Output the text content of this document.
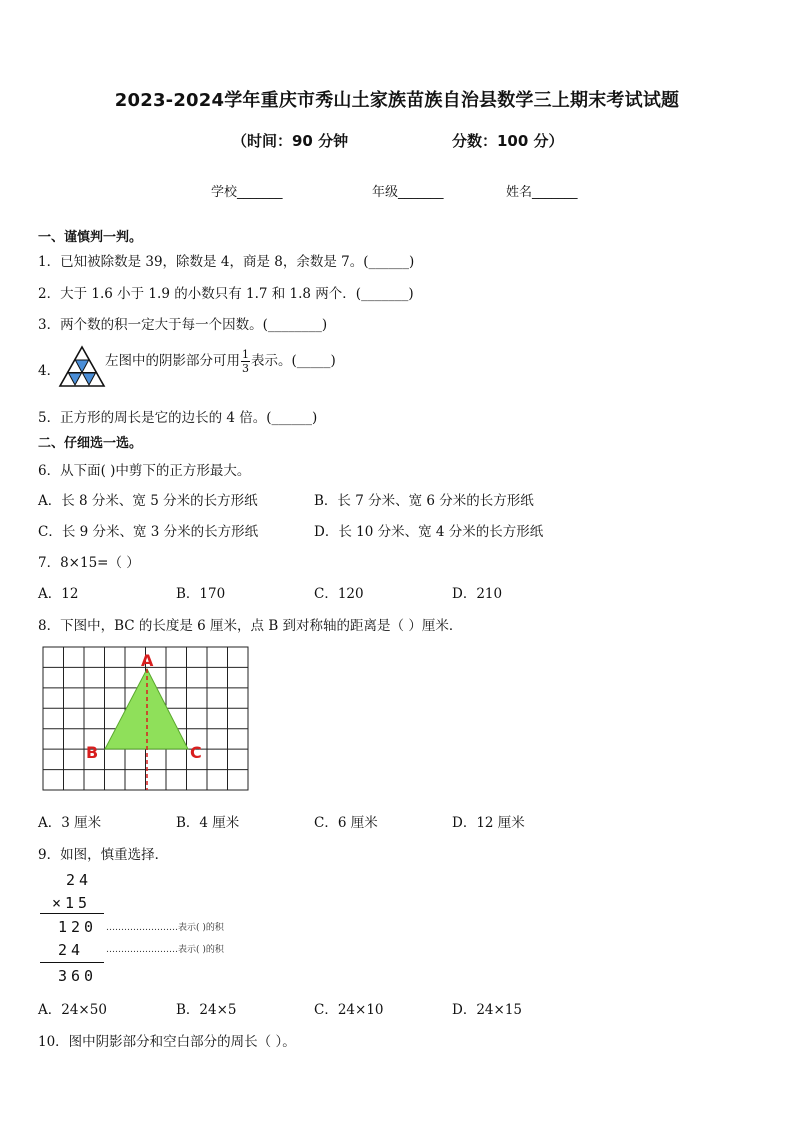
2023-2024学年重庆市秀山土家族苗族自治县数学三上期末考试试题
（时间：90 分钟	分数：100 分）
学校_______	年级_______	姓名_______
一、谨慎判一判。
1．已知被除数是 39，除数是 4，商是 8，余数是 7。(______)
2．大于 1.6 小于 1.9 的小数只有 1.7 和 1.8 两个．(_______)
3．两个数的积一定大于每一个因数。(________)
4．
左图中的阴影部分可用 $\frac{1}{3}$ 表示。(_____)
5．正方形的周长是它的边长的 4 倍。(______)
二、仔细选一选。
6．从下面( )中剪下的正方形最大。
A．长 8 分米、宽 5 分米的长方形纸	B．长 7 分米、宽 6 分米的长方形纸
C．长 9 分米、宽 3 分米的长方形纸	D．长 10 分米、宽 4 分米的长方形纸
7．8×15=（ ）
A．12	B．170	C．120	D．210
8．下图中，BC 的长度是 6 厘米，点 B 到对称轴的距离是（ ）厘米．
A
B	C
A．3 厘米	B．4 厘米	C．6 厘米	D．12 厘米
9．如图，慎重选择．
24
×15
120 ……………………表示( )的积
24 ……………………表示( )的积
360
A．24×50	B．24×5	C．24×10	D．24×15
10．图中阴影部分和空白部分的周长（ ）。
